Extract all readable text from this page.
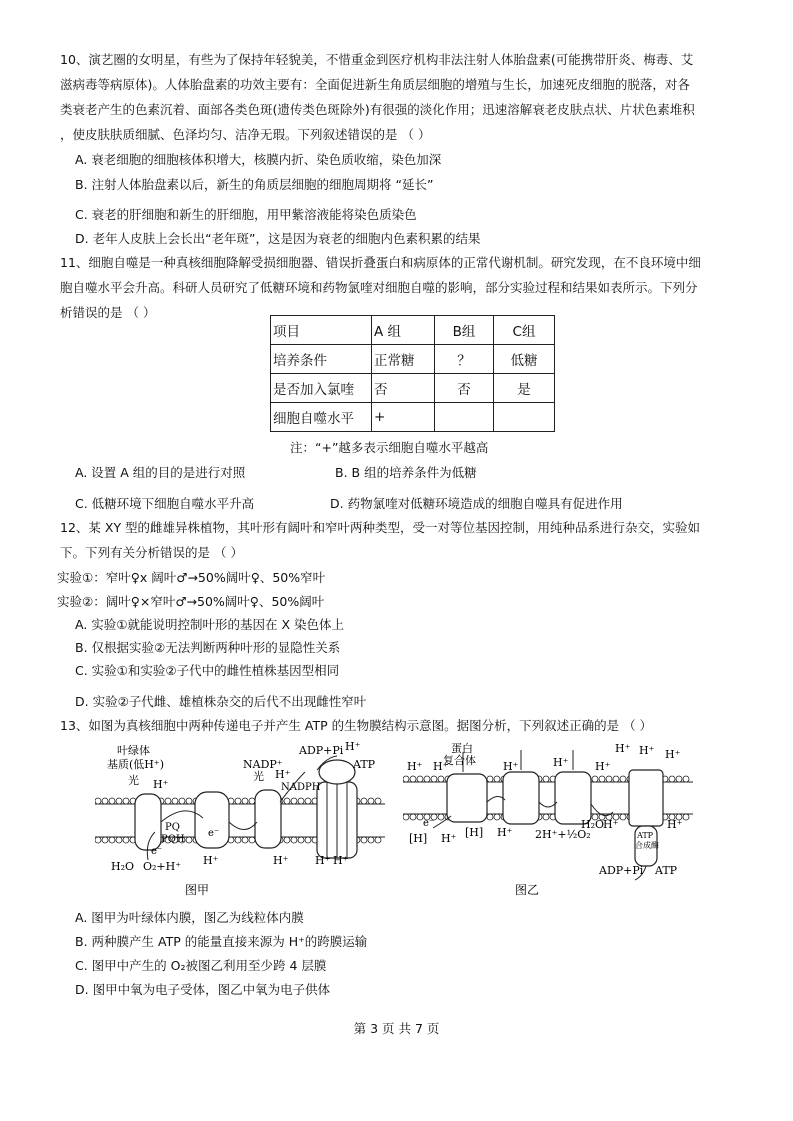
10、演艺圈的女明星，有些为了保持年轻貌美，不惜重金到医疗机构非法注射人体胎盘素(可能携带肝炎、梅毒、艾
滋病毒等病原体)。人体胎盘素的功效主要有：全面促进新生角质层细胞的增殖与生长，加速死皮细胞的脱落，对各
类衰老产生的色素沉着、面部各类色斑(遗传类色斑除外)有很强的淡化作用；迅速溶解衰老皮肤点状、片状色素堆积
，使皮肤肤质细腻、色泽均匀、洁净无瑕。下列叙述错误的是 （ ）
A. 衰老细胞的细胞核体积增大，核膜内折、染色质收缩，染色加深
B. 注射人体胎盘素以后，新生的角质层细胞的细胞周期将 “延长”
C. 衰老的肝细胞和新生的肝细胞，用甲紫溶液能将染色质染色
D. 老年人皮肤上会长出“老年斑”，这是因为衰老的细胞内色素积累的结果
11、细胞自噬是一种真核细胞降解受损细胞器、错误折叠蛋白和病原体的正常代谢机制。研究发现，在不良环境中细
胞自噬水平会升高。科研人员研究了低糖环境和药物氯喹对细胞自噬的影响，部分实验过程和结果如表所示。下列分
析错误的是 （ ）
项目	A 组	B组	C组
培养条件	正常糖	？	低糖
是否加入氯喹	否	否	是
细胞自噬水平	+		
注：“+”越多表示细胞自噬水平越高
A. 设置 A 组的目的是进行对照	B. B 组的培养条件为低糖
C. 低糖环境下细胞自噬水平升高	D. 药物氯喹对低糖环境造成的细胞自噬具有促进作用
12、某 XY 型的雌雄异株植物，其叶形有阔叶和窄叶两种类型，受一对等位基因控制，用纯种品系进行杂交，实验如
下。下列有关分析错误的是 （ ）
实验①：窄叶♀x 阔叶♂→50%阔叶♀、50%窄叶
实验②：阔叶♀×窄叶♂→50%阔叶♀、50%阔叶
A. 实验①就能说明控制叶形的基因在 X 染色体上
B. 仅根据实验②无法判断两种叶形的显隐性关系
C. 实验①和实验②子代中的雌性植株基因型相同
D. 实验②子代雌、雄植株杂交的后代不出现雌性窄叶
13、如图为真核细胞中两种传递电子并产生 ATP 的生物膜结构示意图。据图分析，下列叙述正确的是 （ ）
叶绿体
基质(低H⁺)
光 H⁺
PQ
PQH
e⁻
e⁻
H₂O O₂+H⁺ H⁺
NADP⁺
光 H⁺
NADPH
ADP+Pi H⁺
ATP
H⁺ H⁺ H⁺
图甲
蛋白
复合体
H⁺
H⁺	H⁺	H⁺ H⁺
H⁺ H⁺ H⁺
e⁻
[H] H⁺ [H] H⁺ 2H⁺+½O₂
H₂O
H⁺	H⁺
ATP
合成酶
ADP+Pi ATP
图乙
A. 图甲为叶绿体内膜，图乙为线粒体内膜
B. 两种膜产生 ATP 的能量直接来源为 H⁺的跨膜运输
C. 图甲中产生的 O₂被图乙利用至少跨 4 层膜
D. 图甲中氧为电子受体，图乙中氧为电子供体
第 3 页 共 7 页
